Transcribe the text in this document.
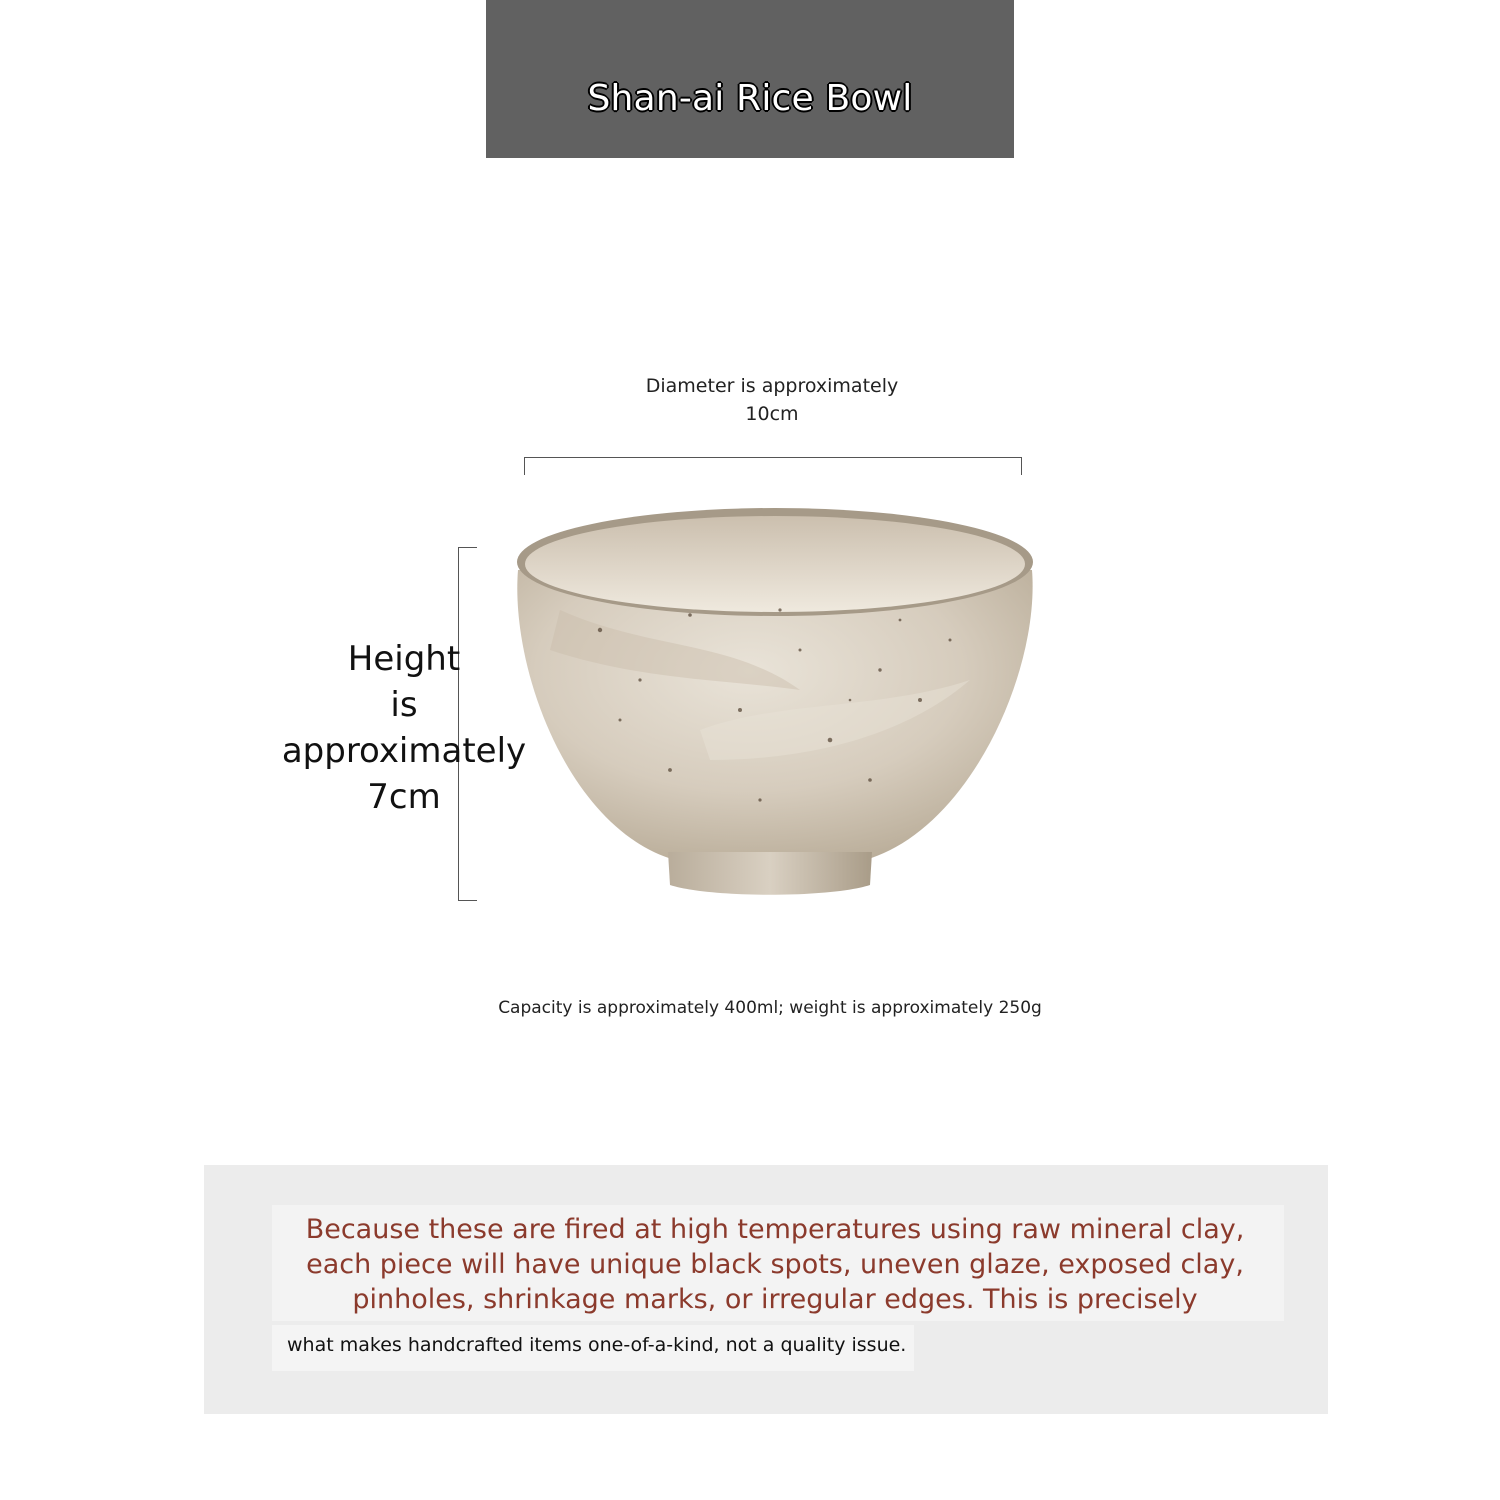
Shan-ai Rice Bowl
Diameter is approximately
10cm
Height
is
approximately
7cm
Capacity is approximately 400ml; weight is approximately 250g
Because these are fired at high temperatures using raw mineral clay, each piece will have unique black spots, uneven glaze, exposed clay, pinholes, shrinkage marks, or irregular edges. This is precisely
what makes handcrafted items one-of-a-kind, not a quality issue.
